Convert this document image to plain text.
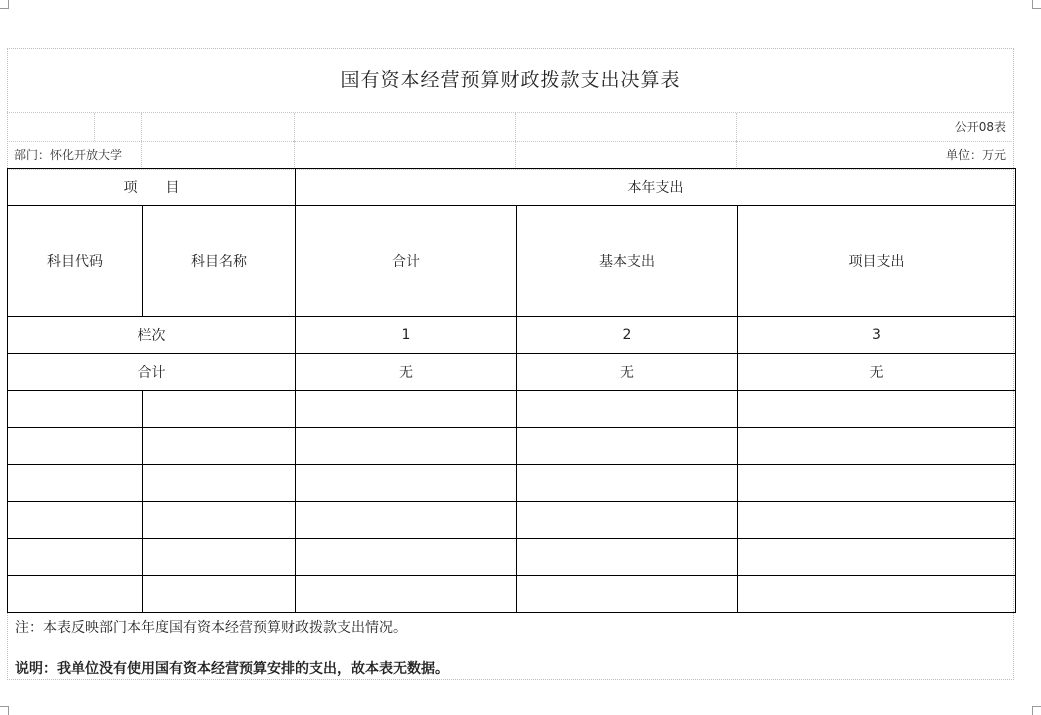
国有资本经营预算财政拨款支出决算表
公开08表
部门：怀化开放大学	单位：万元
项　　目		本年支出		
科目代码	科目名称	合计	基本支出	项目支出
栏次		1	2	3
合计		无	无	无

注：本表反映部门本年度国有资本经营预算财政拨款支出情况。
说明：我单位没有使用国有资本经营预算安排的支出，故本表无数据。
